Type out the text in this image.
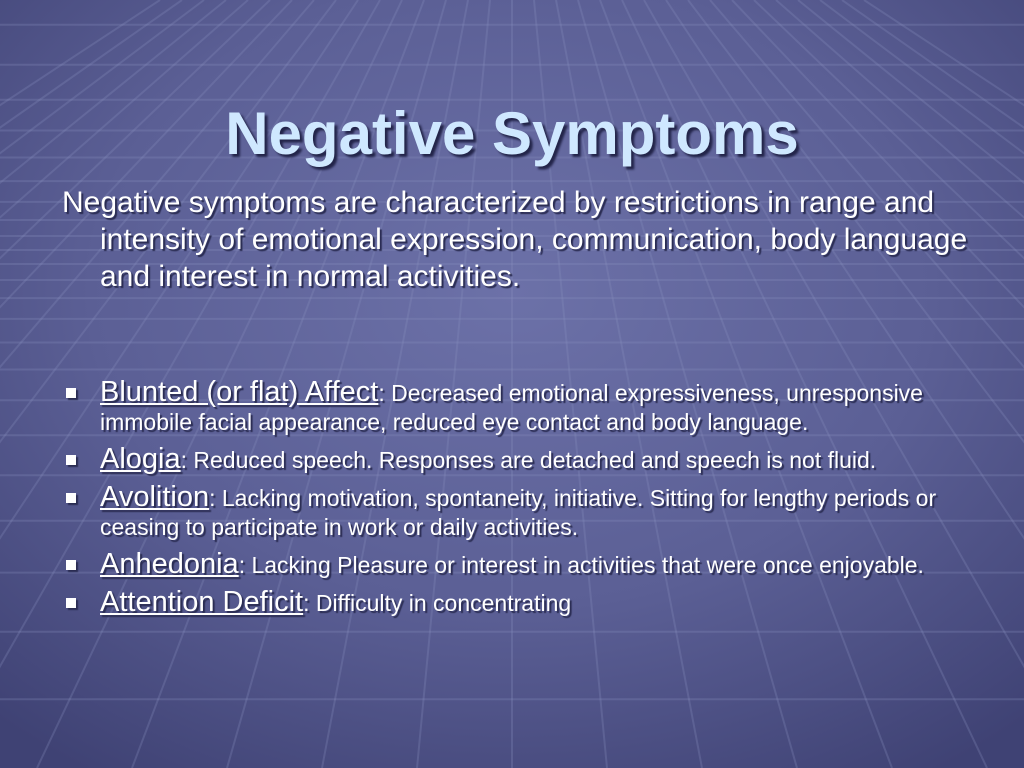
Negative Symptoms

Negative symptoms are characterized by restrictions in range and intensity of emotional expression, communication, body language and interest in normal activities.

Blunted (or flat) Affect: Decreased emotional expressiveness, unresponsive immobile facial appearance, reduced eye contact and body language.
Alogia: Reduced speech. Responses are detached and speech is not fluid.
Avolition: Lacking motivation, spontaneity, initiative. Sitting for lengthy periods or ceasing to participate in work or daily activities.
Anhedonia: Lacking Pleasure or interest in activities that were once enjoyable.
Attention Deficit: Difficulty in concentrating
